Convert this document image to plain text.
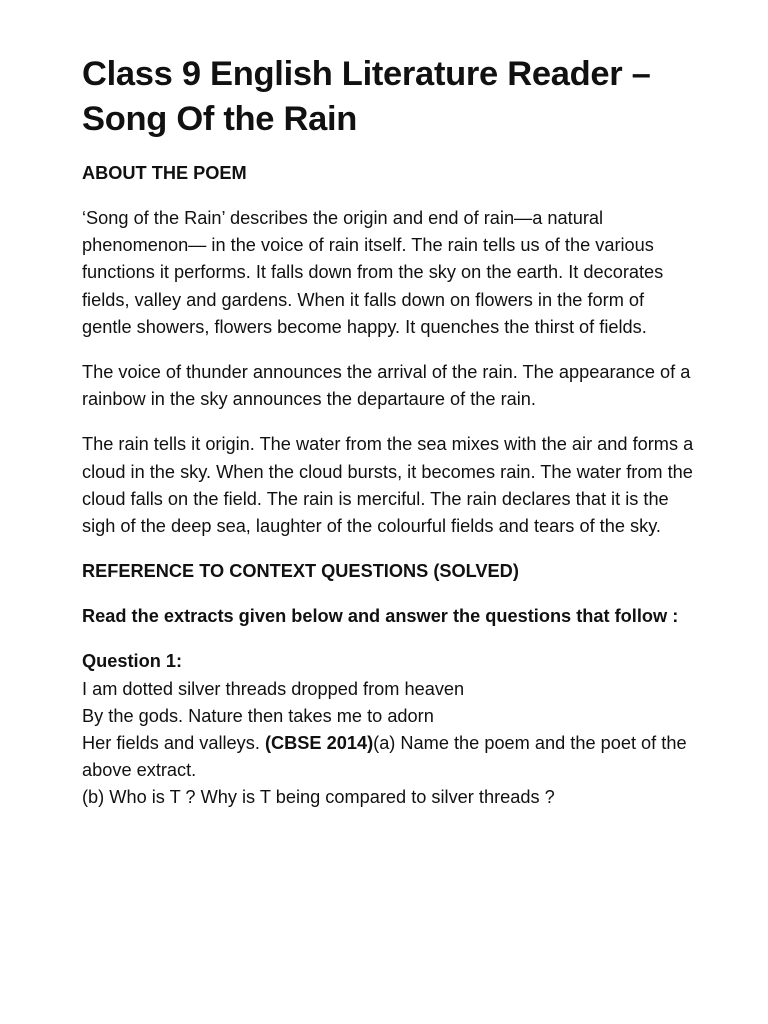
Class 9 English Literature Reader – Song Of the Rain
ABOUT THE POEM

‘Song of the Rain’ describes the origin and end of rain—a natural phenomenon— in the voice of rain itself. The rain tells us of the various functions it performs. It falls down from the sky on the earth. It decorates fields, valley and gardens. When it falls down on flowers in the form of gentle showers, flowers become happy. It quenches the thirst of fields.

The voice of thunder announces the arrival of the rain. The appearance of a rainbow in the sky announces the departaure of the rain.

The rain tells it origin. The water from the sea mixes with the air and forms a cloud in the sky. When the cloud bursts, it becomes rain. The water from the cloud falls on the field. The rain is merciful. The rain declares that it is the sigh of the deep sea, laughter of the colourful fields and tears of the sky.

REFERENCE TO CONTEXT QUESTIONS (SOLVED)
Read the extracts given below and answer the questions that follow :
Question 1:
I am dotted silver threads dropped from heaven
By the gods. Nature then takes me to adorn
Her fields and valleys. (CBSE 2014)(a) Name the poem and the poet of the above extract.
(b) Who is T ? Why is T being compared to silver threads ?
